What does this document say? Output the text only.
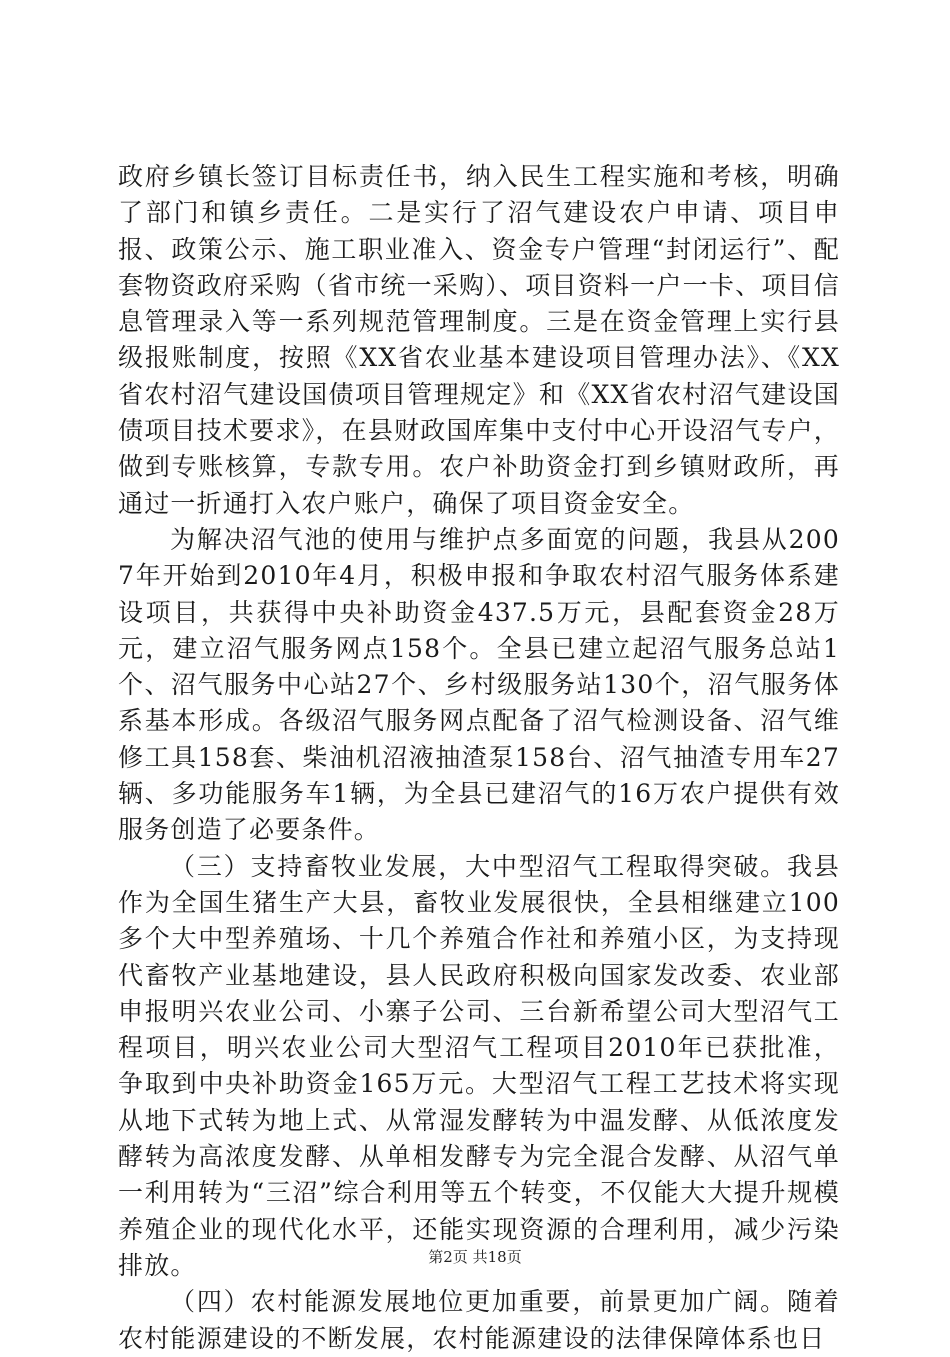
政府乡镇长签订目标责任书，纳入民生工程实施和考核，明确了部门和镇乡责任。二是实行了沼气建设农户申请、项目申报、政策公示、施工职业准入、资金专户管理“封闭运行”、配套物资政府采购（省市统一采购）、项目资料一户一卡、项目信息管理录入等一系列规范管理制度。三是在资金管理上实行县级报账制度，按照《XX省农业基本建设项目管理办法》、《XX省农村沼气建设国债项目管理规定》和《XX省农村沼气建设国债项目技术要求》，在县财政国库集中支付中心开设沼气专户，做到专账核算，专款专用。农户补助资金打到乡镇财政所，再通过一折通打入农户账户，确保了项目资金安全。

为解决沼气池的使用与维护点多面宽的问题，我县从2007年开始到2010年4月，积极申报和争取农村沼气服务体系建设项目，共获得中央补助资金437.5万元，县配套资金28万元，建立沼气服务网点158个。全县已建立起沼气服务总站1个、沼气服务中心站27个、乡村级服务站130个，沼气服务体系基本形成。各级沼气服务网点配备了沼气检测设备、沼气维修工具158套、柴油机沼液抽渣泵158台、沼气抽渣专用车27辆、多功能服务车1辆，为全县已建沼气的16万农户提供有效服务创造了必要条件。

（三）支持畜牧业发展，大中型沼气工程取得突破。我县作为全国生猪生产大县，畜牧业发展很快，全县相继建立100多个大中型养殖场、十几个养殖合作社和养殖小区，为支持现代畜牧产业基地建设，县人民政府积极向国家发改委、农业部申报明兴农业公司、小寨子公司、三台新希望公司大型沼气工程项目，明兴农业公司大型沼气工程项目2010年已获批准，争取到中央补助资金165万元。大型沼气工程工艺技术将实现从地下式转为地上式、从常湿发酵转为中温发酵、从低浓度发酵转为高浓度发酵、从单相发酵专为完全混合发酵、从沼气单一利用转为“三沼”综合利用等五个转变，不仅能大大提升规模养殖企业的现代化水平，还能实现资源的合理利用，减少污染排放。

（四）农村能源发展地位更加重要，前景更加广阔。随着农村能源建设的不断发展，农村能源建设的法律保障体系也日

第2页 共18页
